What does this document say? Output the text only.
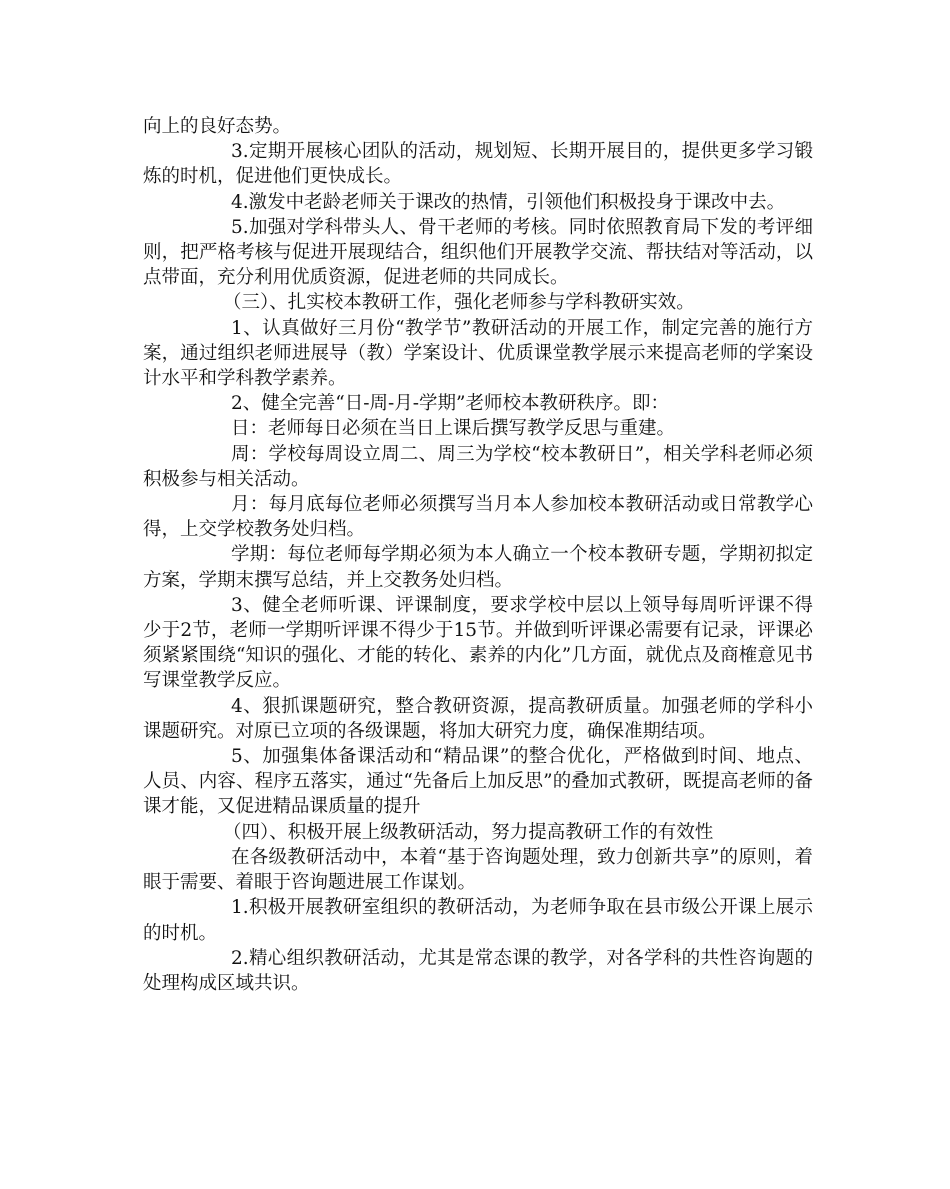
向上的良好态势。

3.定期开展核心团队的活动，规划短、长期开展目的，提供更多学习锻炼的时机，促进他们更快成长。

4.激发中老龄老师关于课改的热情，引领他们积极投身于课改中去。

5.加强对学科带头人、骨干老师的考核。同时依照教育局下发的考评细则，把严格考核与促进开展现结合，组织他们开展教学交流、帮扶结对等活动，以点带面，充分利用优质资源，促进老师的共同成长。

（三）、扎实校本教研工作，强化老师参与学科教研实效。

1、认真做好三月份“教学节”教研活动的开展工作，制定完善的施行方案，通过组织老师进展导（教）学案设计、优质课堂教学展示来提高老师的学案设计水平和学科教学素养。

2、健全完善“日-周-月-学期”老师校本教研秩序。即：

日：老师每日必须在当日上课后撰写教学反思与重建。

周：学校每周设立周二、周三为学校“校本教研日”，相关学科老师必须积极参与相关活动。

月：每月底每位老师必须撰写当月本人参加校本教研活动或日常教学心得，上交学校教务处归档。

学期：每位老师每学期必须为本人确立一个校本教研专题，学期初拟定方案，学期末撰写总结，并上交教务处归档。

3、健全老师听课、评课制度，要求学校中层以上领导每周听评课不得少于2节，老师一学期听评课不得少于15节。并做到听评课必需要有记录，评课必须紧紧围绕“知识的强化、才能的转化、素养的内化”几方面，就优点及商榷意见书写课堂教学反应。

4、狠抓课题研究，整合教研资源，提高教研质量。加强老师的学科小课题研究。对原已立项的各级课题，将加大研究力度，确保准期结项。

5、加强集体备课活动和“精品课”的整合优化，严格做到时间、地点、人员、内容、程序五落实，通过“先备后上加反思”的叠加式教研，既提高老师的备课才能，又促进精品课质量的提升

（四）、积极开展上级教研活动，努力提高教研工作的有效性

在各级教研活动中，本着“基于咨询题处理，致力创新共享”的原则，着眼于需要、着眼于咨询题进展工作谋划。

1.积极开展教研室组织的教研活动，为老师争取在县市级公开课上展示的时机。

2.精心组织教研活动，尤其是常态课的教学，对各学科的共性咨询题的处理构成区域共识。
